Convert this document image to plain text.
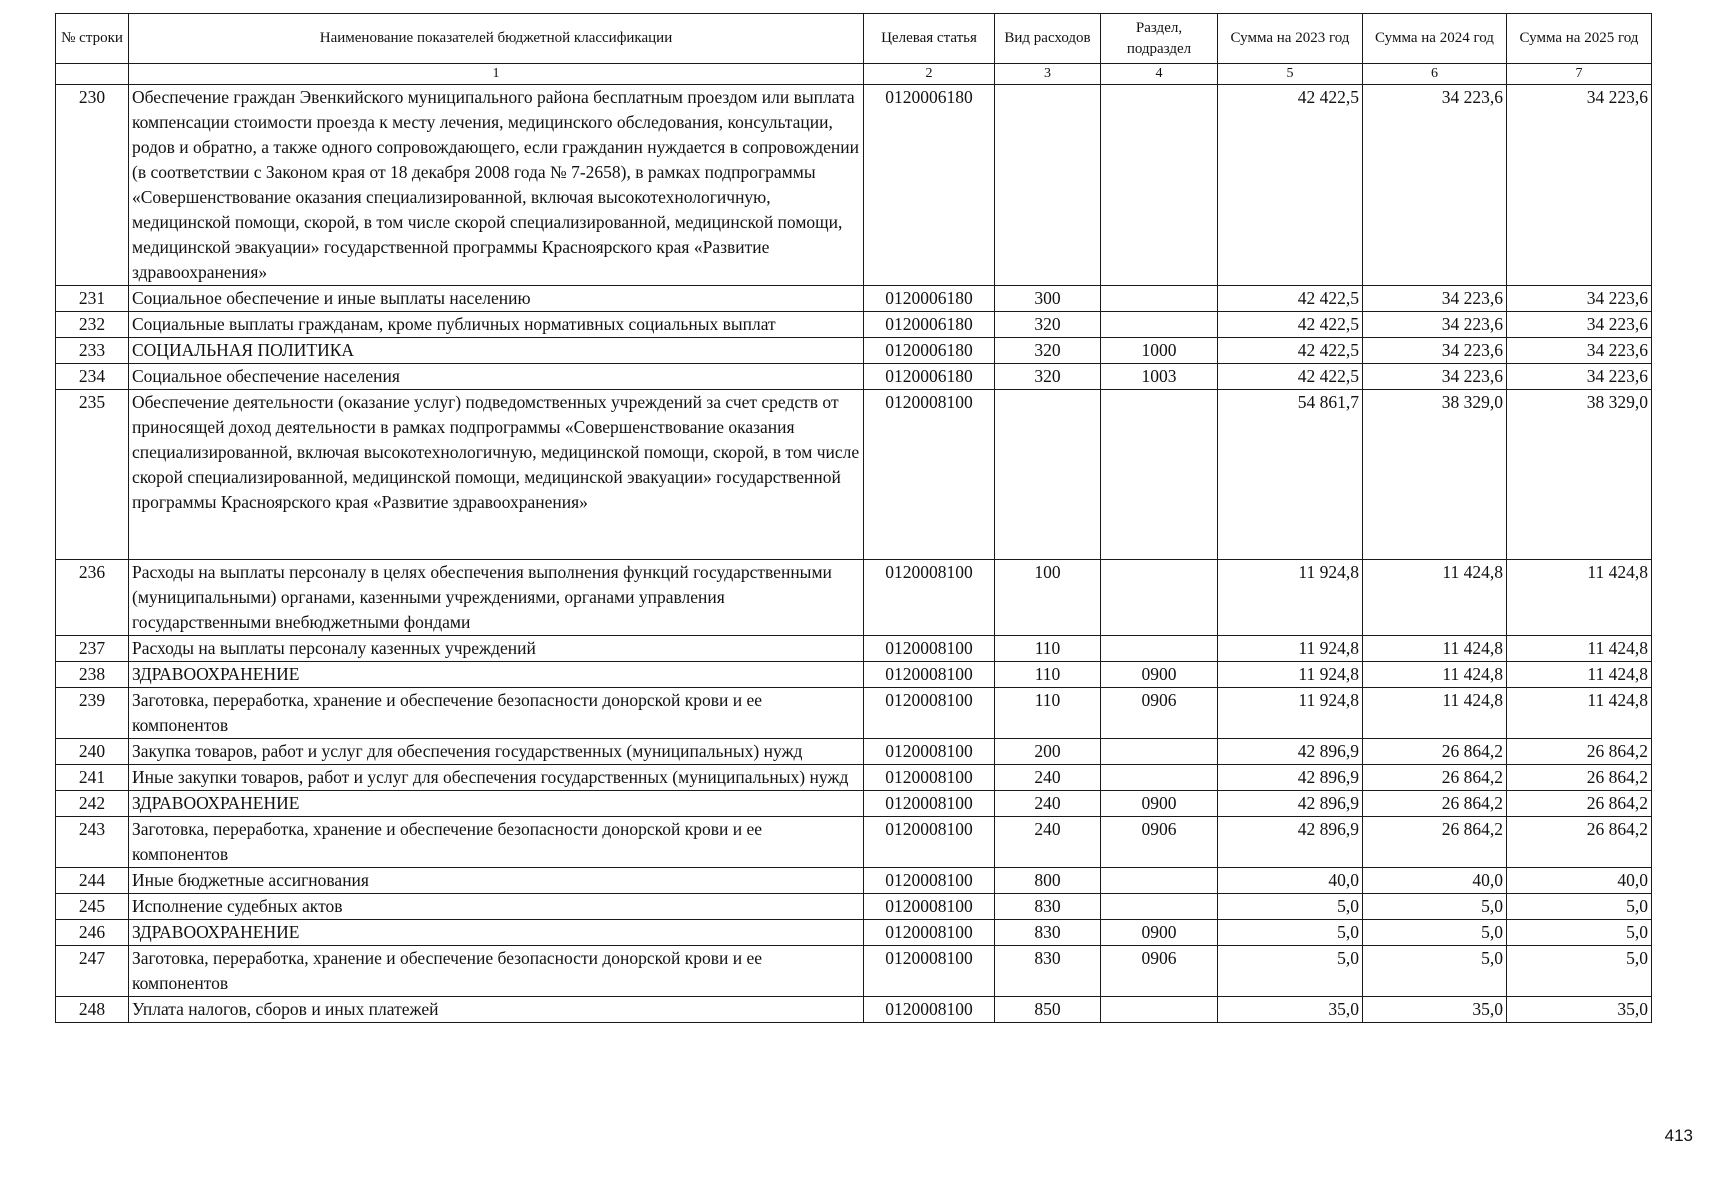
№ строки	Наименование показателей бюджетной классификации	Целевая статья	Вид расходов	Раздел, подраздел	Сумма на 2023 год	Сумма на 2024 год	Сумма на 2025 год
	1	2	3	4	5	6	7
230	Обеспечение граждан Эвенкийского муниципального района бесплатным проездом или выплата компенсации стоимости проезда к месту лечения, медицинского обследования, консультации, родов и обратно, а также одного сопровождающего, если гражданин нуждается в сопровождении (в соответствии с Законом края от 18 декабря 2008 года № 7-2658), в рамках подпрограммы «Совершенствование оказания специализированной, включая высокотехнологичную, медицинской помощи, скорой, в том числе скорой специализированной, медицинской помощи, медицинской эвакуации» государственной программы Красноярского края «Развитие здравоохранения»	0120006180			42 422,5	34 223,6	34 223,6
231	Социальное обеспечение и иные выплаты населению	0120006180	300		42 422,5	34 223,6	34 223,6
232	Социальные выплаты гражданам, кроме публичных нормативных социальных выплат	0120006180	320		42 422,5	34 223,6	34 223,6
233	СОЦИАЛЬНАЯ ПОЛИТИКА	0120006180	320	1000	42 422,5	34 223,6	34 223,6
234	Социальное обеспечение населения	0120006180	320	1003	42 422,5	34 223,6	34 223,6
235	Обеспечение деятельности (оказание услуг) подведомственных учреждений за счет средств от приносящей доход деятельности в рамках подпрограммы «Совершенствование оказания специализированной, включая высокотехнологичную, медицинской помощи, скорой, в том числе скорой специализированной, медицинской помощи, медицинской эвакуации» государственной программы Красноярского края «Развитие здравоохранения»	0120008100			54 861,7	38 329,0	38 329,0
236	Расходы на выплаты персоналу в целях обеспечения выполнения функций государственными (муниципальными) органами, казенными учреждениями, органами управления государственными внебюджетными фондами	0120008100	100		11 924,8	11 424,8	11 424,8
237	Расходы на выплаты персоналу казенных учреждений	0120008100	110		11 924,8	11 424,8	11 424,8
238	ЗДРАВООХРАНЕНИЕ	0120008100	110	0900	11 924,8	11 424,8	11 424,8
239	Заготовка, переработка, хранение и обеспечение безопасности донорской крови и ее компонентов	0120008100	110	0906	11 924,8	11 424,8	11 424,8
240	Закупка товаров, работ и услуг для обеспечения государственных (муниципальных) нужд	0120008100	200		42 896,9	26 864,2	26 864,2
241	Иные закупки товаров, работ и услуг для обеспечения государственных (муниципальных) нужд	0120008100	240		42 896,9	26 864,2	26 864,2
242	ЗДРАВООХРАНЕНИЕ	0120008100	240	0900	42 896,9	26 864,2	26 864,2
243	Заготовка, переработка, хранение и обеспечение безопасности донорской крови и ее компонентов	0120008100	240	0906	42 896,9	26 864,2	26 864,2
244	Иные бюджетные ассигнования	0120008100	800		40,0	40,0	40,0
245	Исполнение судебных актов	0120008100	830		5,0	5,0	5,0
246	ЗДРАВООХРАНЕНИЕ	0120008100	830	0900	5,0	5,0	5,0
247	Заготовка, переработка, хранение и обеспечение безопасности донорской крови и ее компонентов	0120008100	830	0906	5,0	5,0	5,0
248	Уплата налогов, сборов и иных платежей	0120008100	850		35,0	35,0	35,0
413
